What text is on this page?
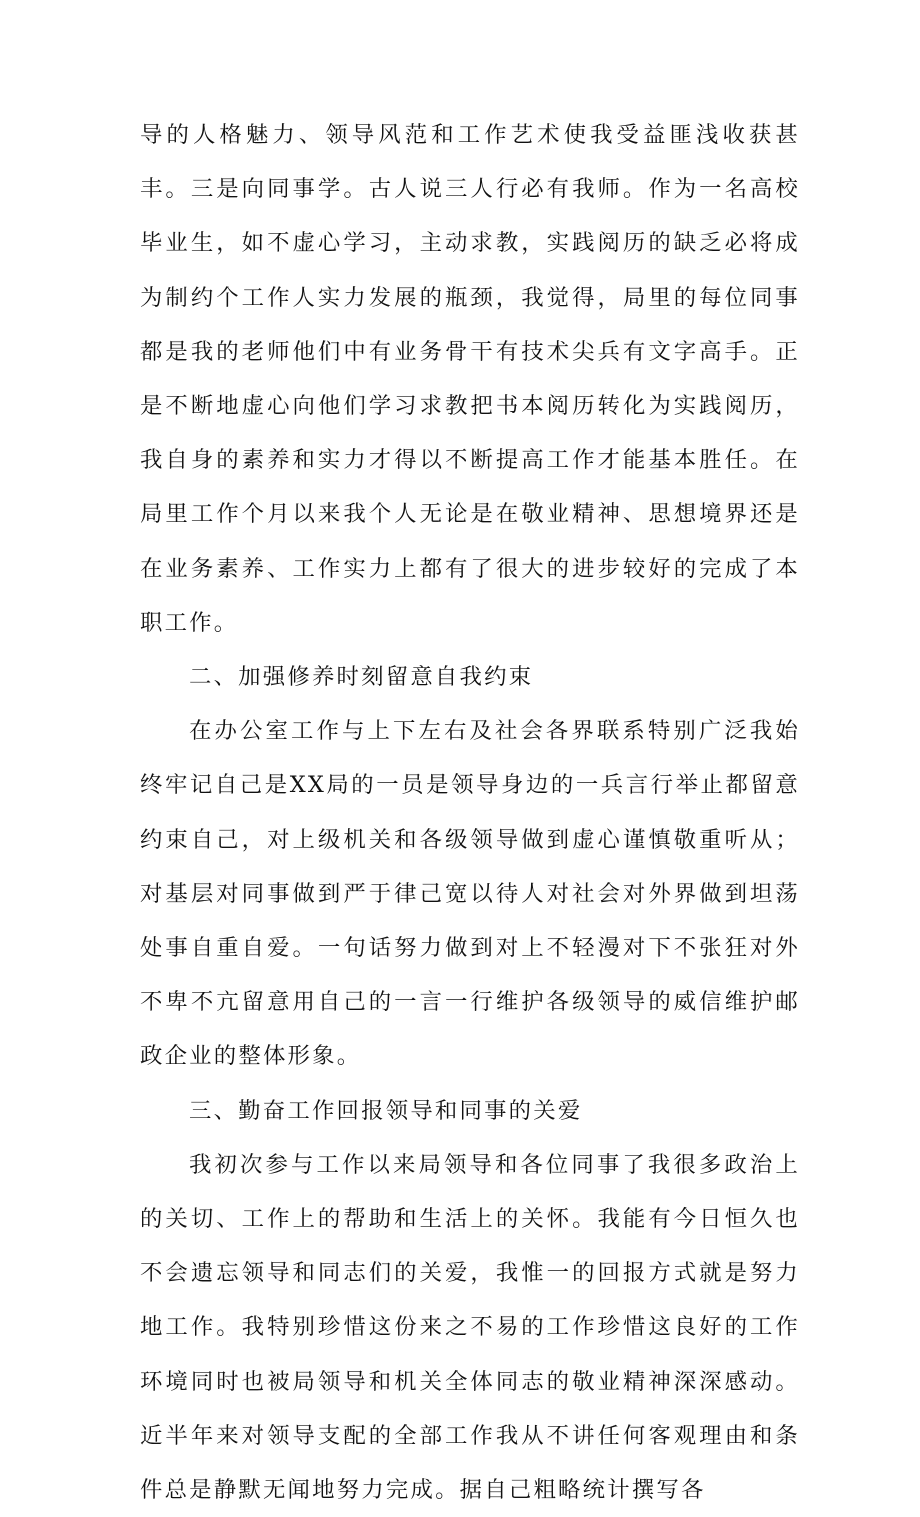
导的人格魅力、领导风范和工作艺术使我受益匪浅收获甚丰。三是向同事学。古人说三人行必有我师。作为一名高校毕业生，如不虚心学习，主动求教，实践阅历的缺乏必将成为制约个工作人实力发展的瓶颈，我觉得，局里的每位同事都是我的老师他们中有业务骨干有技术尖兵有文字高手。正是不断地虚心向他们学习求教把书本阅历转化为实践阅历，我自身的素养和实力才得以不断提高工作才能基本胜任。在局里工作个月以来我个人无论是在敬业精神、思想境界还是在业务素养、工作实力上都有了很大的进步较好的完成了本职工作。

二、加强修养时刻留意自我约束

在办公室工作与上下左右及社会各界联系特别广泛我始终牢记自己是XX局的一员是领导身边的一兵言行举止都留意约束自己，对上级机关和各级领导做到虚心谨慎敬重听从；对基层对同事做到严于律己宽以待人对社会对外界做到坦荡处事自重自爱。一句话努力做到对上不轻漫对下不张狂对外不卑不亢留意用自己的一言一行维护各级领导的威信维护邮政企业的整体形象。

三、勤奋工作回报领导和同事的关爱

我初次参与工作以来局领导和各位同事了我很多政治上的关切、工作上的帮助和生活上的关怀。我能有今日恒久也不会遗忘领导和同志们的关爱，我惟一的回报方式就是努力地工作。我特别珍惜这份来之不易的工作珍惜这良好的工作环境同时也被局领导和机关全体同志的敬业精神深深感动。近半年来对领导支配的全部工作我从不讲任何客观理由和条件总是静默无闻地努力完成。据自己粗略统计撰写各
